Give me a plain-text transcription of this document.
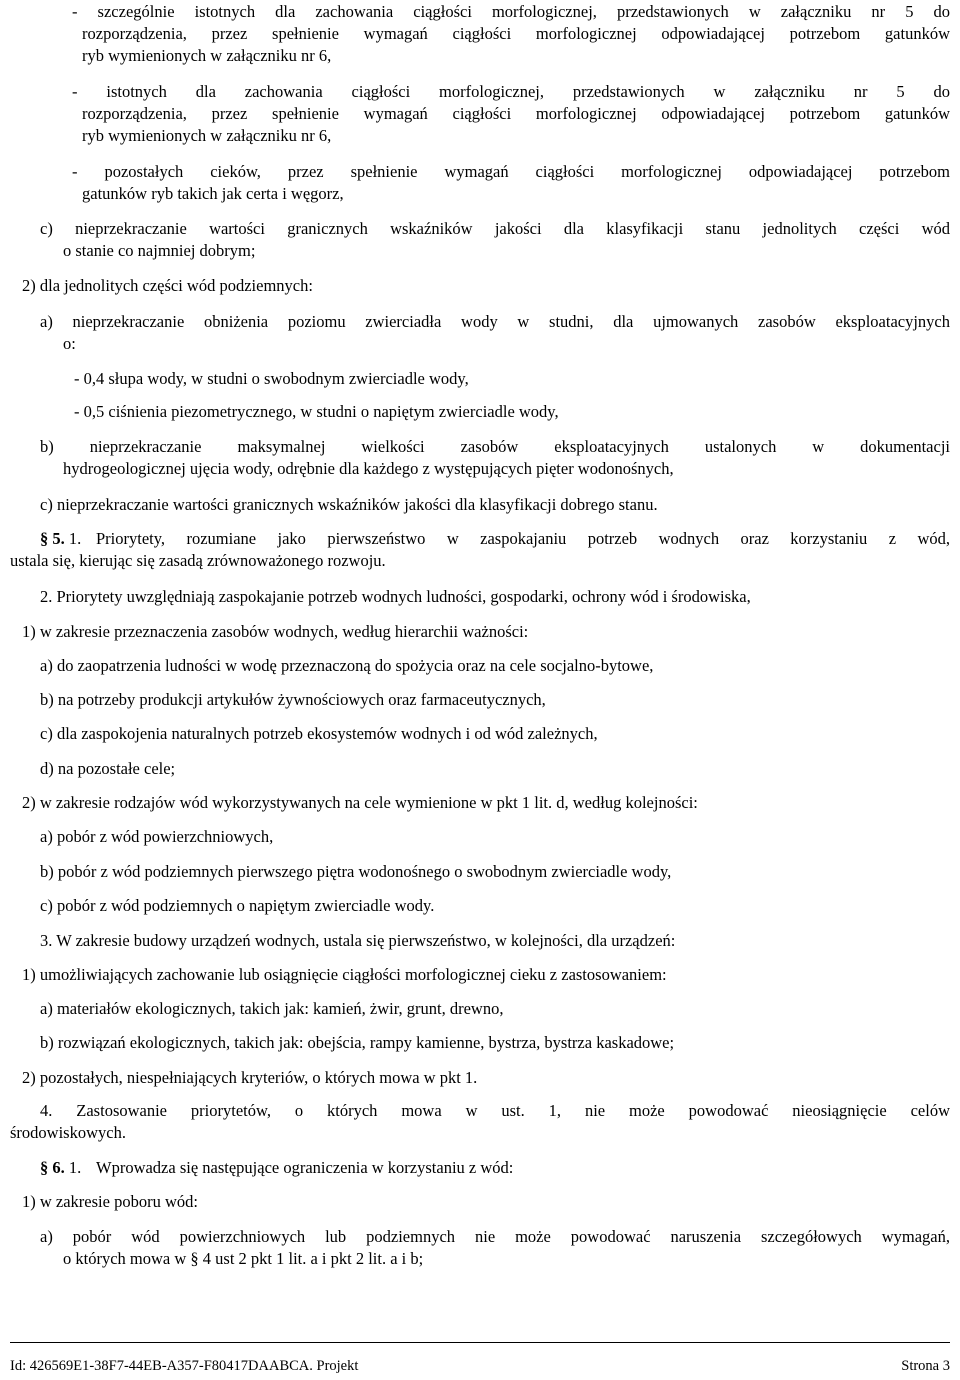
- szczególnie istotnych dla zachowania ciągłości morfologicznej, przedstawionych w załączniku nr 5 do
rozporządzenia, przez spełnienie wymagań ciągłości morfologicznej odpowiadającej potrzebom gatunków
ryb wymienionych w załączniku nr 6,
- istotnych dla zachowania ciągłości morfologicznej, przedstawionych w załączniku nr 5 do
rozporządzenia, przez spełnienie wymagań ciągłości morfologicznej odpowiadającej potrzebom gatunków
ryb wymienionych w załączniku nr 6,
- pozostałych cieków, przez spełnienie wymagań ciągłości morfologicznej odpowiadającej potrzebom
gatunków ryb takich jak certa i węgorz,
c) nieprzekraczanie wartości granicznych wskaźników jakości dla klasyfikacji stanu jednolitych części wód
o stanie co najmniej dobrym;
2) dla jednolitych części wód podziemnych:
a) nieprzekraczanie obniżenia poziomu zwierciadła wody w studni, dla ujmowanych zasobów eksploatacyjnych
o:
- 0,4 słupa wody, w studni o swobodnym zwierciadle wody,
- 0,5 ciśnienia piezometrycznego, w studni o napiętym zwierciadle wody,
b) nieprzekraczanie maksymalnej wielkości zasobów eksploatacyjnych ustalonych w dokumentacji
hydrogeologicznej ujęcia wody, odrębnie dla każdego z występujących pięter wodonośnych,
c) nieprzekraczanie wartości granicznych wskaźników jakości dla klasyfikacji dobrego stanu.
§ 5. 1. Priorytety, rozumiane jako pierwszeństwo w zaspokajaniu potrzeb wodnych oraz korzystaniu z wód,
ustala się, kierując się zasadą zrównoważonego rozwoju.
2. Priorytety uwzględniają zaspokajanie potrzeb wodnych ludności, gospodarki, ochrony wód i środowiska,
1) w zakresie przeznaczenia zasobów wodnych, według hierarchii ważności:
a) do zaopatrzenia ludności w wodę przeznaczoną do spożycia oraz na cele socjalno-bytowe,
b) na potrzeby produkcji artykułów żywnościowych oraz farmaceutycznych,
c) dla zaspokojenia naturalnych potrzeb ekosystemów wodnych i od wód zależnych,
d) na pozostałe cele;
2) w zakresie rodzajów wód wykorzystywanych na cele wymienione w pkt 1 lit. d, według kolejności:
a) pobór z wód powierzchniowych,
b) pobór z wód podziemnych pierwszego piętra wodonośnego o swobodnym zwierciadle wody,
c) pobór z wód podziemnych o napiętym zwierciadle wody.
3. W zakresie budowy urządzeń wodnych, ustala się pierwszeństwo, w kolejności, dla urządzeń:
1) umożliwiających zachowanie lub osiągnięcie ciągłości morfologicznej cieku z zastosowaniem:
a) materiałów ekologicznych, takich jak: kamień, żwir, grunt, drewno,
b) rozwiązań ekologicznych, takich jak: obejścia, rampy kamienne, bystrza, bystrza kaskadowe;
2) pozostałych, niespełniających kryteriów, o których mowa w pkt 1.
4. Zastosowanie priorytetów, o których mowa w ust. 1, nie może powodować nieosiągnięcie celów
środowiskowych.
§ 6. 1. Wprowadza się następujące ograniczenia w korzystaniu z wód:
1) w zakresie poboru wód:
a) pobór wód powierzchniowych lub podziemnych nie może powodować naruszenia szczegółowych wymagań,
o których mowa w § 4 ust 2 pkt 1 lit. a i pkt 2 lit. a i b;
Id: 426569E1-38F7-44EB-A357-F80417DAABCA. Projekt	Strona 3
